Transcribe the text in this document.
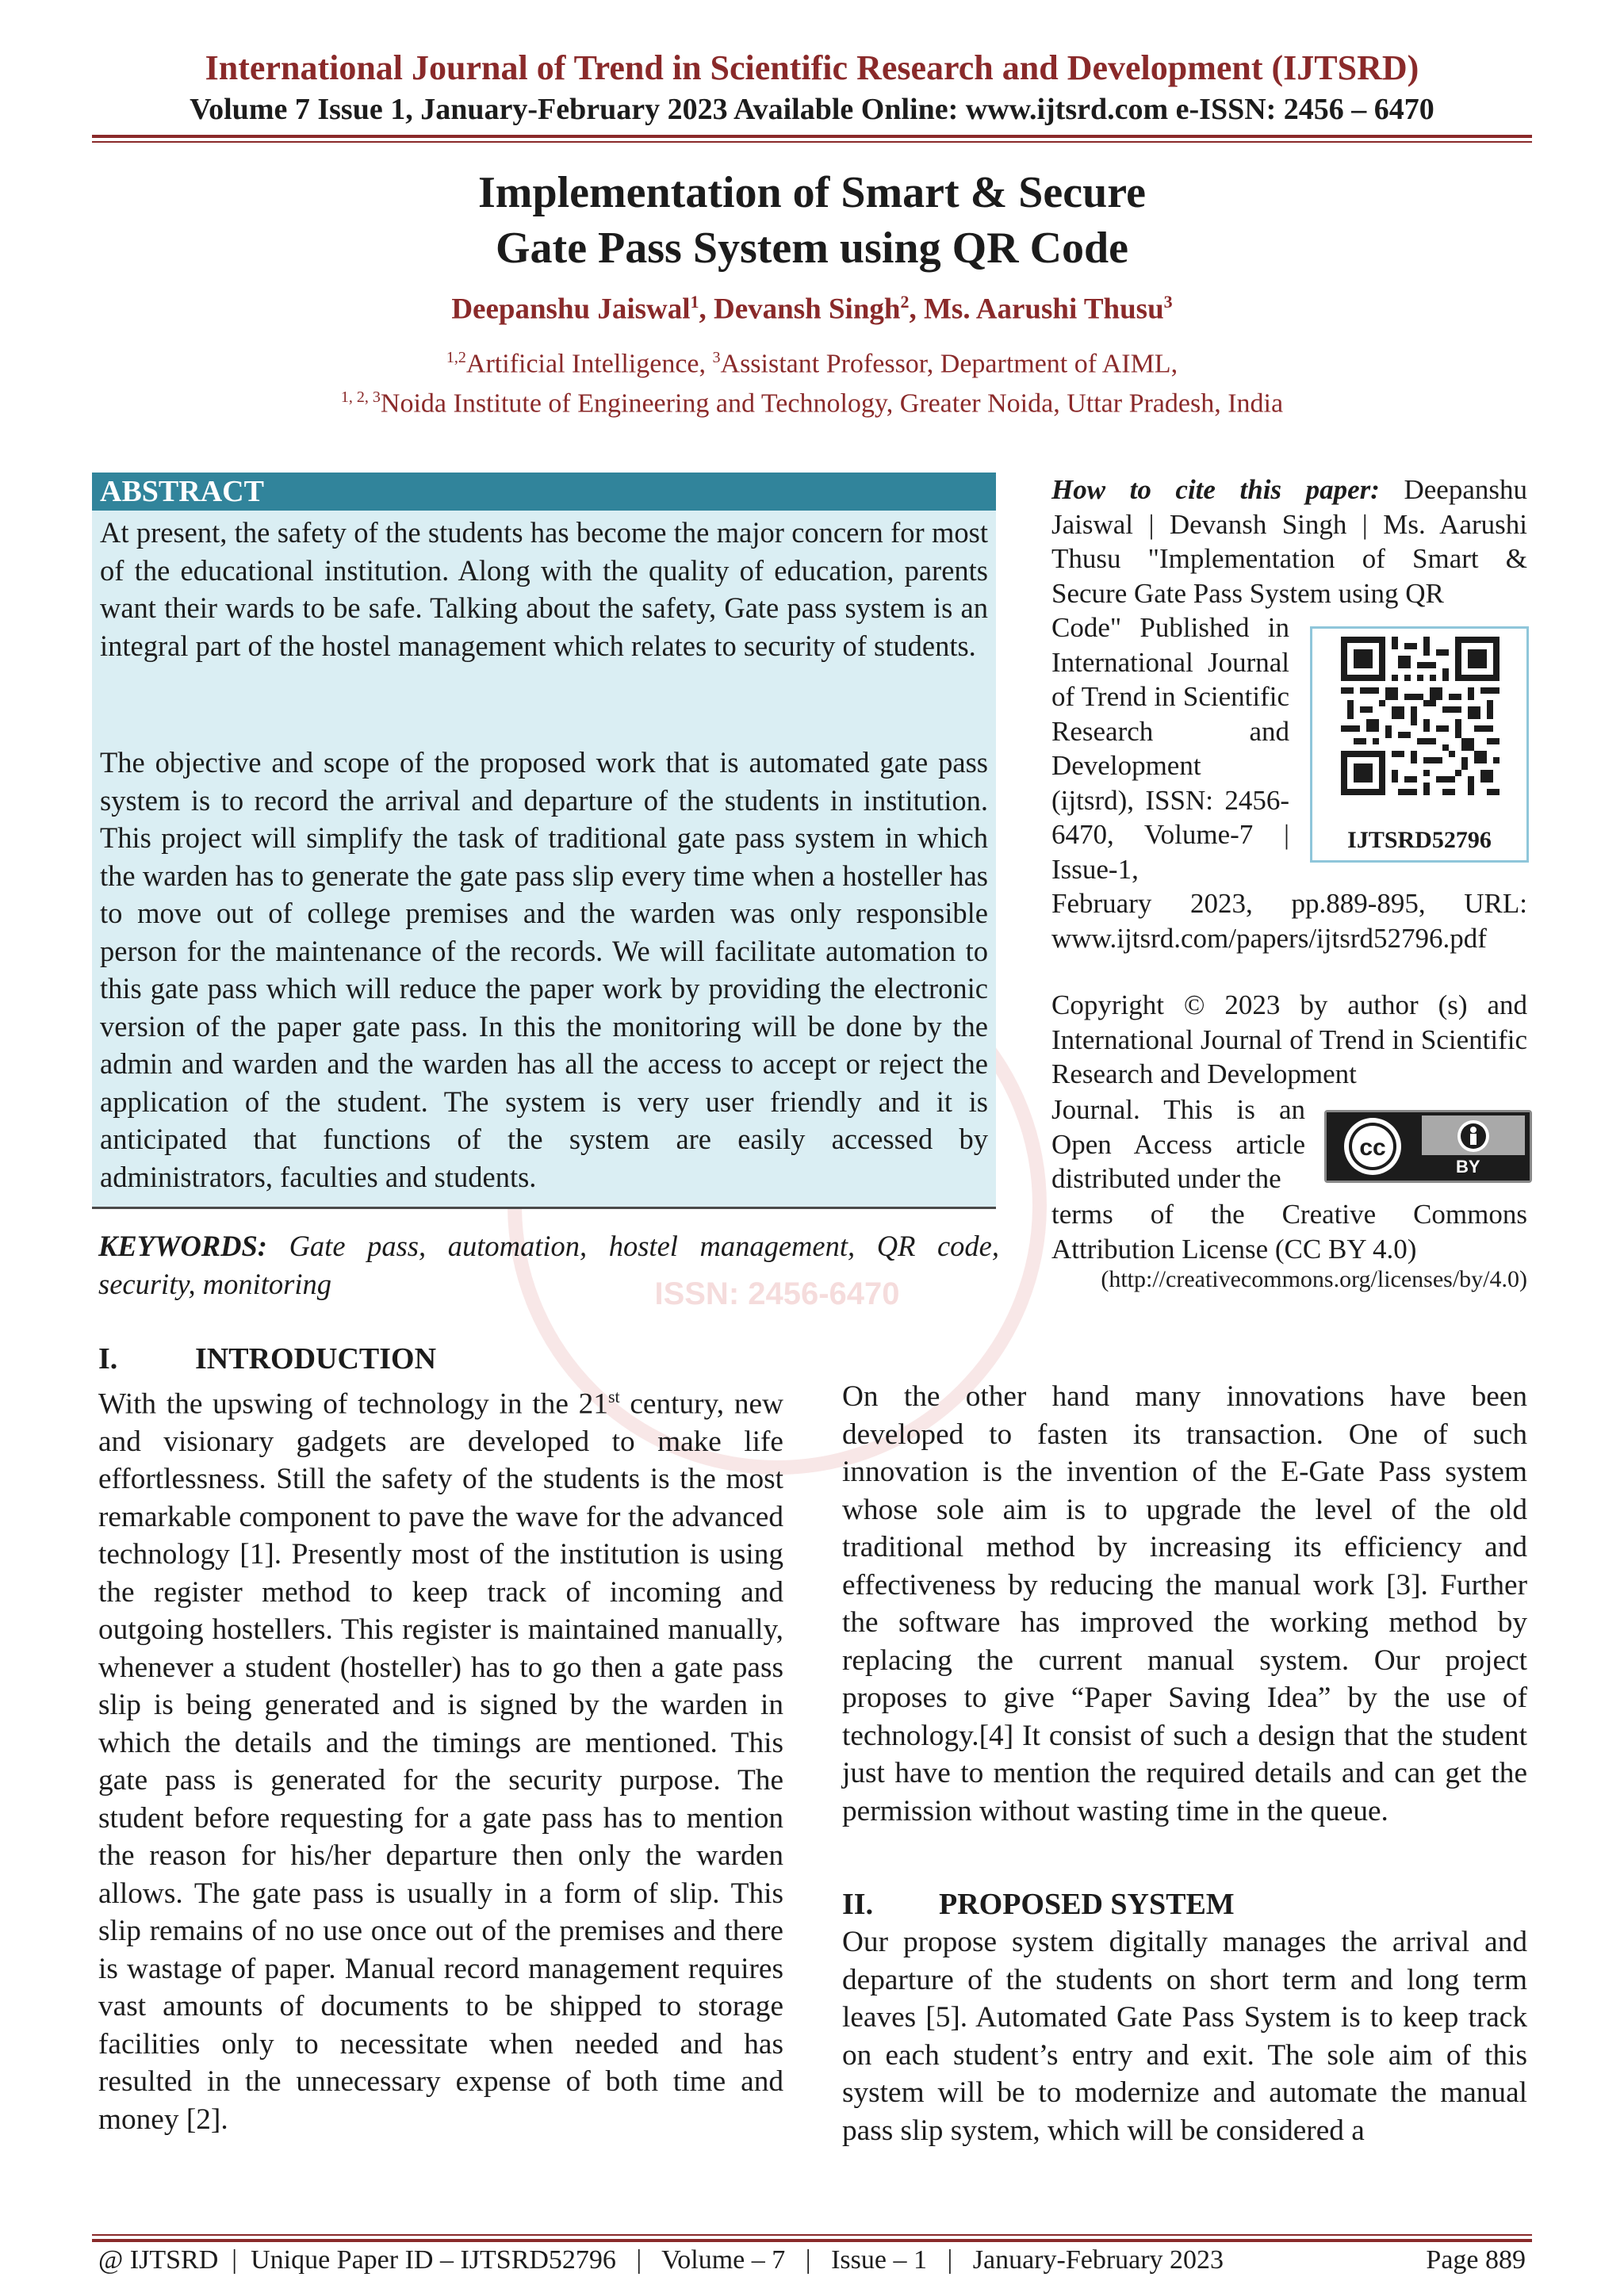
International Journal of Trend in Scientific Research and Development (IJTSRD)
Volume 7 Issue 1, January-February 2023 Available Online: www.ijtsrd.com e-ISSN: 2456 – 6470
Implementation of Smart & Secure
Gate Pass System using QR Code
Deepanshu Jaiswal$^1$, Devansh Singh$^2$, Ms. Aarushi Thusu$^3$
$^{1,2}$Artificial Intelligence, $^3$Assistant Professor, Department of AIML,
$^{1, 2, 3}$Noida Institute of Engineering and Technology, Greater Noida, Uttar Pradesh, India
ISSN: 2456-6470
ABSTRACT
At present, the safety of the students has become the major concern for most of the educational institution. Along with the quality of education, parents want their wards to be safe. Talking about the safety, Gate pass system is an integral part of the hostel management which relates to security of students.
The objective and scope of the proposed work that is automated gate pass system is to record the arrival and departure of the students in institution. This project will simplify the task of traditional gate pass system in which the warden has to generate the gate pass slip every time when a hosteller has to move out of college premises and the warden was only responsible person for the maintenance of the records. We will facilitate automation to this gate pass which will reduce the paper work by providing the electronic version of the paper gate pass. In this the monitoring will be done by the admin and warden and the warden has all the access to accept or reject the application of the student. The system is very user friendly and it is anticipated that functions of the system are easily accessed by administrators, faculties and students.
KEYWORDS: Gate pass, automation, hostel management, QR code, security, monitoring
How to cite this paper: Deepanshu Jaiswal | Devansh Singh | Ms. Aarushi Thusu "Implementation of Smart & Secure Gate Pass System using QR
Code" Published in International Journal of Trend in Scientific Research and Development (ijtsrd), ISSN: 2456-6470, Volume-7 | Issue-1,
February 2023, pp.889-895, URL: www.ijtsrd.com/papers/ijtsrd52796.pdf
IJTSRD52796
Copyright © 2023 by author (s) and International Journal of Trend in Scientific Research and Development
Journal. This is an Open Access article distributed under the
cc
BY
terms of the Creative Commons Attribution License (CC BY 4.0)
(http://creativecommons.org/licenses/by/4.0)
I.	INTRODUCTION
With the upswing of technology in the 21st century, new and visionary gadgets are developed to make life effortlessness. Still the safety of the students is the most remarkable component to pave the wave for the advanced technology [1]. Presently most of the institution is using the register method to keep track of incoming and outgoing hostellers. This register is maintained manually, whenever a student (hosteller) has to go then a gate pass slip is being generated and is signed by the warden in which the details and the timings are mentioned. This gate pass is generated for the security purpose. The student before requesting for a gate pass has to mention the reason for his/her departure then only the warden allows. The gate pass is usually in a form of slip. This slip remains of no use once out of the premises and there is wastage of paper. Manual record management requires vast amounts of documents to be shipped to storage facilities only to necessitate when needed and has resulted in the unnecessary expense of both time and money [2].
On the other hand many innovations have been developed to fasten its transaction. One of such innovation is the invention of the E-Gate Pass system whose sole aim is to upgrade the level of the old traditional method by increasing its efficiency and effectiveness by reducing the manual work [3]. Further the software has improved the working method by replacing the current manual system. Our project proposes to give “Paper Saving Idea” by the use of technology.[4] It consist of such a design that the student just have to mention the required details and can get the permission without wasting time in the queue.
II. PROPOSED SYSTEM
Our propose system digitally manages the arrival and departure of the students on short term and long term leaves [5]. Automated Gate Pass System is to keep track on each student’s entry and exit. The sole aim of this system will be to modernize and automate the manual pass slip system, which will be considered a
@ IJTSRD  |  Unique Paper ID – IJTSRD52796   |   Volume – 7   |   Issue – 1   |   January-February 2023	Page 889
